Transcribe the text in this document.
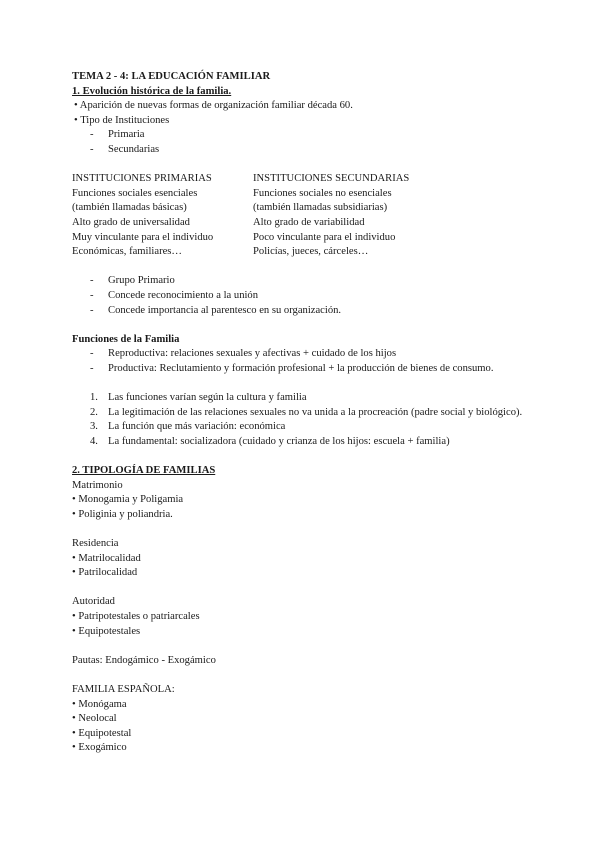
TEMA 2 - 4: LA EDUCACIÓN FAMILIAR
1. Evolución histórica de la familia.
• Aparición de nuevas formas de organización familiar década 60.
• Tipo de Instituciones
- Primaria
- Secundarias
INSTITUCIONES PRIMARIAS
Funciones sociales esenciales
(también llamadas básicas)
Alto grado de universalidad
Muy vinculante para el individuo
Económicas, familiares…
INSTITUCIONES SECUNDARIAS
Funciones sociales no esenciales
(también llamadas subsidiarias)
Alto grado de variabilidad
Poco vinculante para el individuo
Policías, jueces, cárceles…
- Grupo Primario
- Concede reconocimiento a la unión
- Concede importancia al parentesco en su organización.
Funciones de la Familia
- Reproductiva: relaciones sexuales y afectivas + cuidado de los hijos
- Productiva: Reclutamiento y formación profesional + la producción de bienes de consumo.
1. Las funciones varían según la cultura y familia
2. La legitimación de las relaciones sexuales no va unida a la procreación (padre social y biológico).
3. La función que más variación: económica
4. La fundamental: socializadora (cuidado y crianza de los hijos: escuela + familia)
2. TIPOLOGÍA DE FAMILIAS
Matrimonio
• Monogamia y Poligamia
• Poliginia y poliandria.
Residencia
• Matrilocalidad
• Patrilocalidad
Autoridad
• Patripotestales o patriarcales
• Equipotestales
Pautas: Endogámico - Exogámico
FAMILIA ESPAÑOLA:
• Monógama
• Neolocal
• Equipotestal
• Exogámico
